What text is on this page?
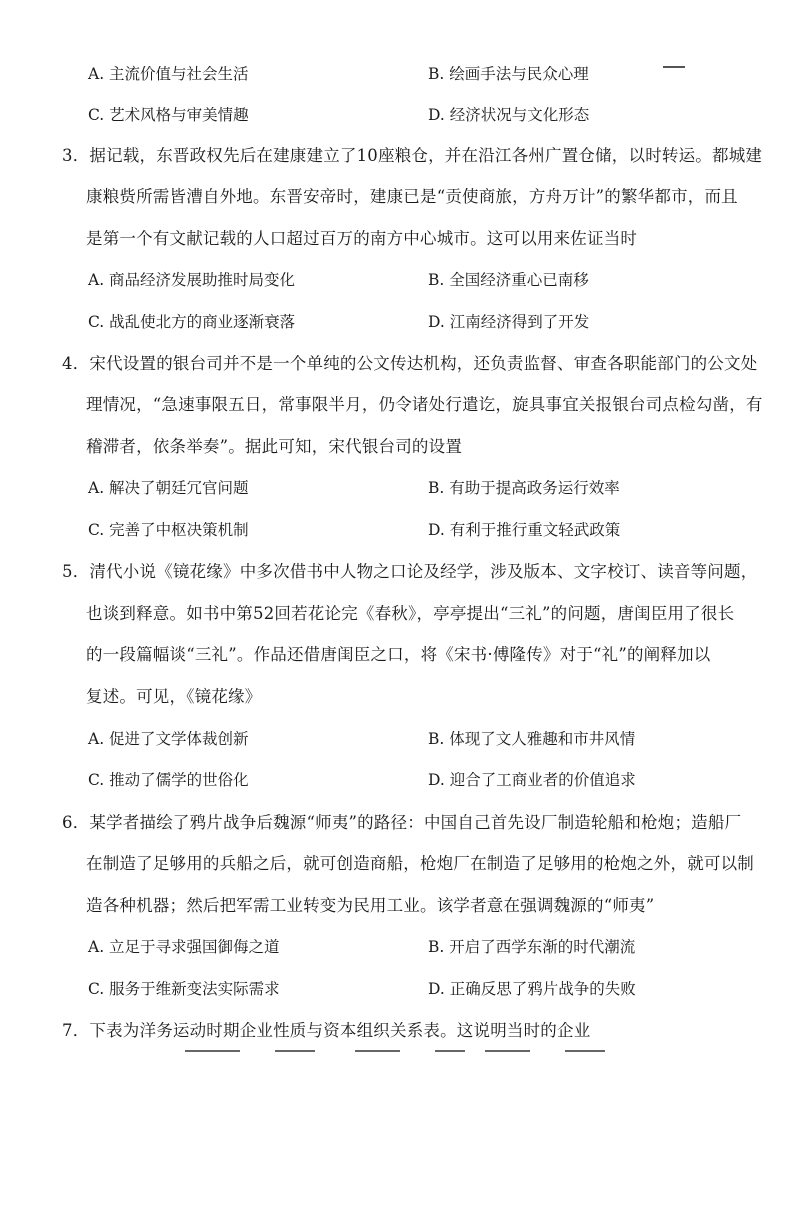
A. 主流价值与社会生活	B. 绘画手法与民众心理
C. 艺术风格与审美情趣	D. 经济状况与文化形态
3．据记载，东晋政权先后在建康建立了10座粮仓，并在沿江各州广置仓储，以时转运。都城建
康粮赀所需皆漕自外地。东晋安帝时，建康已是“贡使商旅，方舟万计”的繁华都市，而且
是第一个有文献记载的人口超过百万的南方中心城市。这可以用来佐证当时
A. 商品经济发展助推时局变化	B. 全国经济重心已南移
C. 战乱使北方的商业逐渐衰落	D. 江南经济得到了开发
4．宋代设置的银台司并不是一个单纯的公文传达机构，还负责监督、审查各职能部门的公文处
理情况，“急速事限五日，常事限半月，仍令诸处行遣讫，旋具事宜关报银台司点检勾凿，有
稽滞者，依条举奏”。据此可知，宋代银台司的设置
A. 解决了朝廷冗官问题	B. 有助于提高政务运行效率
C. 完善了中枢决策机制	D. 有利于推行重文轻武政策
5．清代小说《镜花缘》中多次借书中人物之口论及经学，涉及版本、文字校订、读音等问题，
也谈到释意。如书中第52回若花论完《春秋》，亭亭提出“三礼”的问题，唐闺臣用了很长
的一段篇幅谈“三礼”。作品还借唐闺臣之口，将《宋书·傅隆传》对于“礼”的阐释加以
复述。可见，《镜花缘》
A. 促进了文学体裁创新	B. 体现了文人雅趣和市井风情
C. 推动了儒学的世俗化	D. 迎合了工商业者的价值追求
6．某学者描绘了鸦片战争后魏源“师夷”的路径：中国自己首先设厂制造轮船和枪炮；造船厂
在制造了足够用的兵船之后，就可创造商船，枪炮厂在制造了足够用的枪炮之外，就可以制
造各种机器；然后把军需工业转变为民用工业。该学者意在强调魏源的“师夷”
A. 立足于寻求强国御侮之道	B. 开启了西学东渐的时代潮流
C. 服务于维新变法实际需求	D. 正确反思了鸦片战争的失败
7．下表为洋务运动时期企业性质与资本组织关系表。这说明当时的企业
